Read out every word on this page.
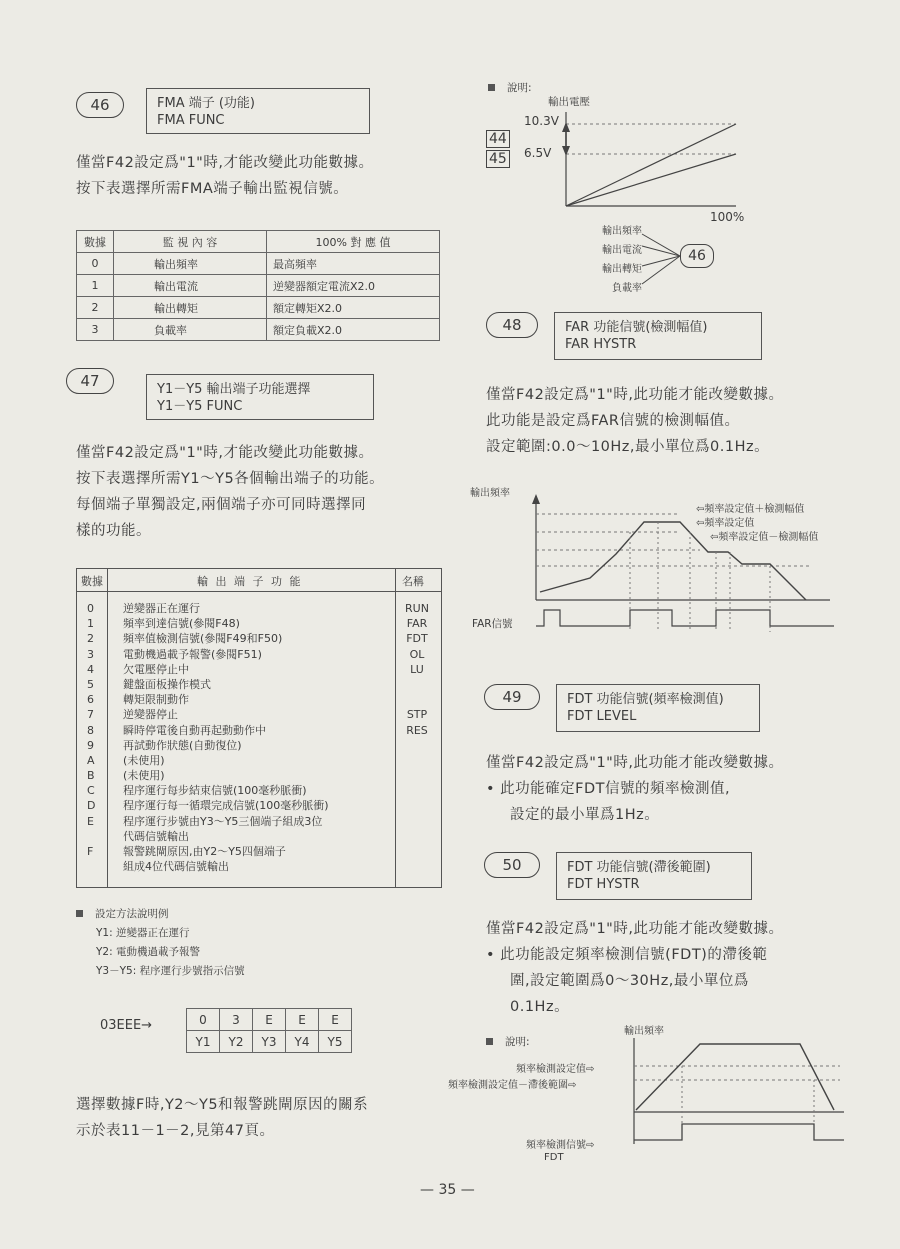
46	FMA 端子 (功能)
FMA FUNC
僅當F42設定爲"1"時,才能改變此功能數據。
按下表選擇所需FMA端子輸出監視信號。
數據	監 視 內 容	100% 對 應 值
0	輸出頻率	最高頻率
1	輸出電流	逆變器額定電流X2.0
2	輸出轉矩	額定轉矩X2.0
3	負載率	額定負載X2.0
47	Y1－Y5 輸出端子功能選擇
Y1－Y5 FUNC
僅當F42設定爲"1"時,才能改變此功能數據。
按下表選擇所需Y1～Y5各個輸出端子的功能。
每個端子單獨設定,兩個端子亦可同時選擇同
樣的功能。
數據	輸 出 端 子 功 能	名稱
0	逆變器正在運行	RUN
1	頻率到達信號(參閱F48)	FAR
2	頻率值檢測信號(參閱F49和F50)	FDT
3	電動機過載予報警(參閱F51)	OL
4	欠電壓停止中	LU
5	鍵盤面板操作模式
6	轉矩限制動作
7	逆變器停止	STP
8	瞬時停電後自動再起動動作中	RES
9	再試動作狀態(自動復位)
A	(未使用)
B	(未使用)
C	程序運行每步結束信號(100毫秒脈衝)
D	程序運行每一循環完成信號(100毫秒脈衝)
E	程序運行步號由Y3～Y5三個端子組成3位
代碼信號輸出
F	報警跳閘原因,由Y2～Y5四個端子
組成4位代碼信號輸出
設定方法說明例
Y1: 逆變器正在運行
Y2: 電動機過載予報警
Y3－Y5: 程序運行步號指示信號
03EEE→	0	3	E	E	E
Y1	Y2	Y3	Y4	Y5
選擇數據F時,Y2～Y5和報警跳閘原因的關系
示於表11－1－2,見第47頁。
說明:
輸出電壓
10.3V
6.5V
44
45
100%
輸出頻率
輸出電流
輸出轉矩
負載率
46
48	FAR 功能信號(檢測幅值)
FAR HYSTR
僅當F42設定爲"1"時,此功能才能改變數據。
此功能是設定爲FAR信號的檢測幅值。
設定範圍:0.0～10Hz,最小單位爲0.1Hz。
輸出頻率
FAR信號
⇦頻率設定值＋檢測幅值
⇦頻率設定值
⇦頻率設定值－檢測幅值
49	FDT 功能信號(頻率檢測值)
FDT LEVEL
僅當F42設定爲"1"時,此功能才能改變數據。
• 此功能確定FDT信號的頻率檢測值,
設定的最小單爲1Hz。
50	FDT 功能信號(滯後範圍)
FDT HYSTR
僅當F42設定爲"1"時,此功能才能改變數據。
• 此功能設定頻率檢測信號(FDT)的滯後範
圍,設定範圍爲0～30Hz,最小單位爲
0.1Hz。
說明:
輸出頻率
頻率檢測設定值⇨
頻率檢測設定值－滯後範圍⇨
頻率檢測信號⇨
FDT
— 35 —
